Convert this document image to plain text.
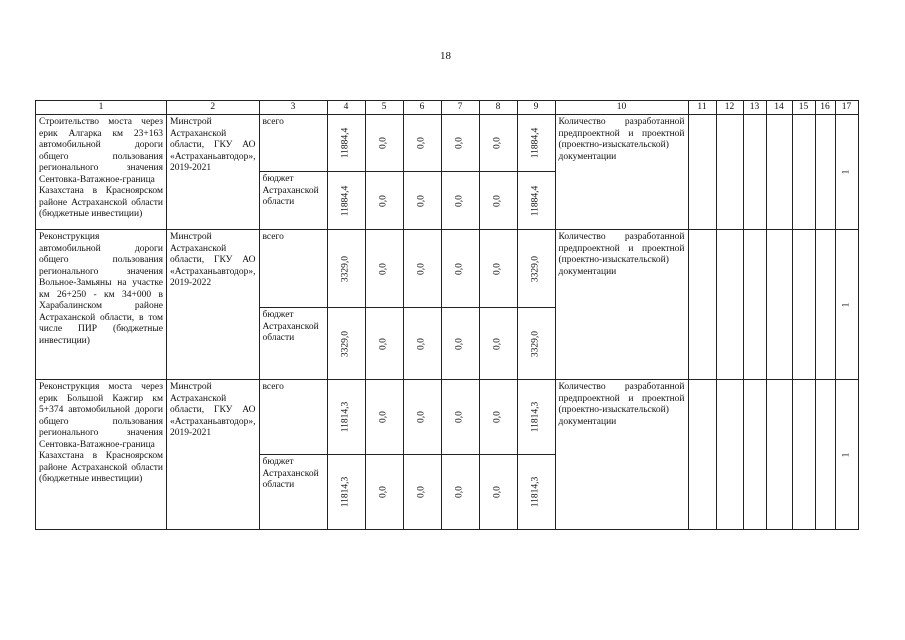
18
1	2	3	4	5	6	7	8	9	10	11	12	13	14	15	16	17
Строительство моста через ерик Алгарка км 23+163 автомобильной дороги общего пользования регионального значения Сентовка-Ватажное-граница Казахстана в Красноярском районе Астраханской области (бюджетные инвестиции)	Минстрой Астраханской области, ГКУ АО «Астраханьавтодор», 2019-2021	всего	11884,4	0,0	0,0	0,0	0,0	11884,4	Количество разработанной предпроектной и проектной (проектно-изыскательской) документации							1

		бюджет Астраханской области	11884,4	0,0	0,0	0,0	0,0	11884,4								

Реконструкция автомобильной дороги общего пользования регионального значения Вольное-Замьяны на участке км 26+250 - км 34+000 в Харабалинском районе Астраханской области, в том числе ПИР (бюджетные инвестиции)	Минстрой Астраханской области, ГКУ АО «Астраханьавтодор», 2019-2022	всего	3329,0	0,0	0,0	0,0	0,0	3329,0	Количество разработанной предпроектной и проектной (проектно-изыскательской) документации							1

		бюджет Астраханской области	3329,0	0,0	0,0	0,0	0,0	3329,0								

Реконструкция моста через ерик Большой Кажгир км 5+374 автомобильной дороги общего пользования регионального значения Сентовка-Ватажное-граница Казахстана в Красноярском районе Астраханской области (бюджетные инвестиции)	Минстрой Астраханской области, ГКУ АО «Астраханьавтодор», 2019-2021	всего	11814,3	0,0	0,0	0,0	0,0	11814,3	Количество разработанной предпроектной и проектной (проектно-изыскательской) документации							1

		бюджет Астраханской области	11814,3	0,0	0,0	0,0	0,0	11814,3								
